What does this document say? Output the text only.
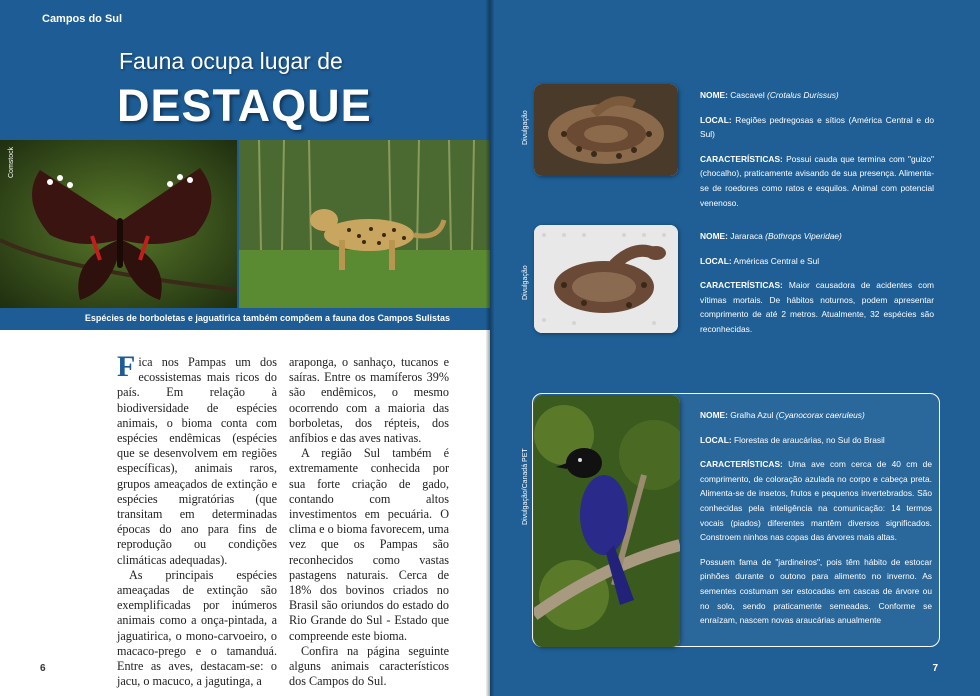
Campos do Sul
Fauna ocupa lugar de
DESTAQUE
Comstock
Espécies de borboletas e jaguatirica também compõem a fauna dos Campos Sulistas

Fica nos Pampas um dos ecossistemas mais ricos do país. Em relação à biodiversidade de espécies animais, o bioma conta com espécies endêmicas (espécies que se desenvolvem em regiões específicas), animais raros, grupos ameaçados de extinção e espécies migratórias (que transitam em determinadas épocas do ano para fins de reprodução ou condições climáticas adequadas).

As principais espécies ameaçadas de extinção são exemplificadas por inúmeros animais como a onça-pintada, a jaguatirica, o mono-carvoeiro, o macaco-prego e o tamanduá. Entre as aves, destacam-se: o jacu, o macuco, a jagutinga, a

araponga, o sanhaço, tucanos e saíras. Entre os mamíferos 39% são endêmicos, o mesmo ocorrendo com a maioria das borboletas, dos répteis, dos anfíbios e das aves nativas.

A região Sul também é extremamente conhecida por sua forte criação de gado, contando com altos investimentos em pecuária. O clima e o bioma favorecem, uma vez que os Pampas são reconhecidos como vastas pastagens naturais. Cerca de 18% dos bovinos criados no Brasil são oriundos do estado do Rio Grande do Sul - Estado que compreende este bioma.

Confira na página seguinte alguns animais característicos dos Campos do Sul.

6
Divulgação

NOME: Cascavel (Crotalus Durissus)

LOCAL: Regiões pedregosas e sítios (América Central e do Sul)

CARACTERÍSTICAS: Possui cauda que termina com "guizo" (chocalho), praticamente avisando de sua presença. Alimenta-se de roedores como ratos e esquilos. Animal com potencial venenoso.

Divulgação

NOME: Jararaca (Bothrops Viperidae)

LOCAL: Américas Central e Sul

CARACTERÍSTICAS: Maior causadora de acidentes com vítimas mortais. De hábitos noturnos, podem apresentar comprimento de até 2 metros. Atualmente, 32 espécies são reconhecidas.

Divulgação/Canadá PET

NOME: Gralha Azul (Cyanocorax caeruleus)

LOCAL: Florestas de araucárias, no Sul do Brasil

CARACTERÍSTICAS: Uma ave com cerca de 40 cm de comprimento, de coloração azulada no corpo e cabeça preta. Alimenta-se de insetos, frutos e pequenos invertebrados. São conhecidas pela inteligência na comunicação: 14 termos vocais (piados) diferentes mantêm diversos significados. Constroem ninhos nas copas das árvores mais altas.

Possuem fama de "jardineiros", pois têm hábito de estocar pinhões durante o outono para alimento no inverno. As sementes costumam ser estocadas em cascas de árvore ou no solo, sendo praticamente semeadas. Conforme se enraízam, nascem novas araucárias anualmente

7
